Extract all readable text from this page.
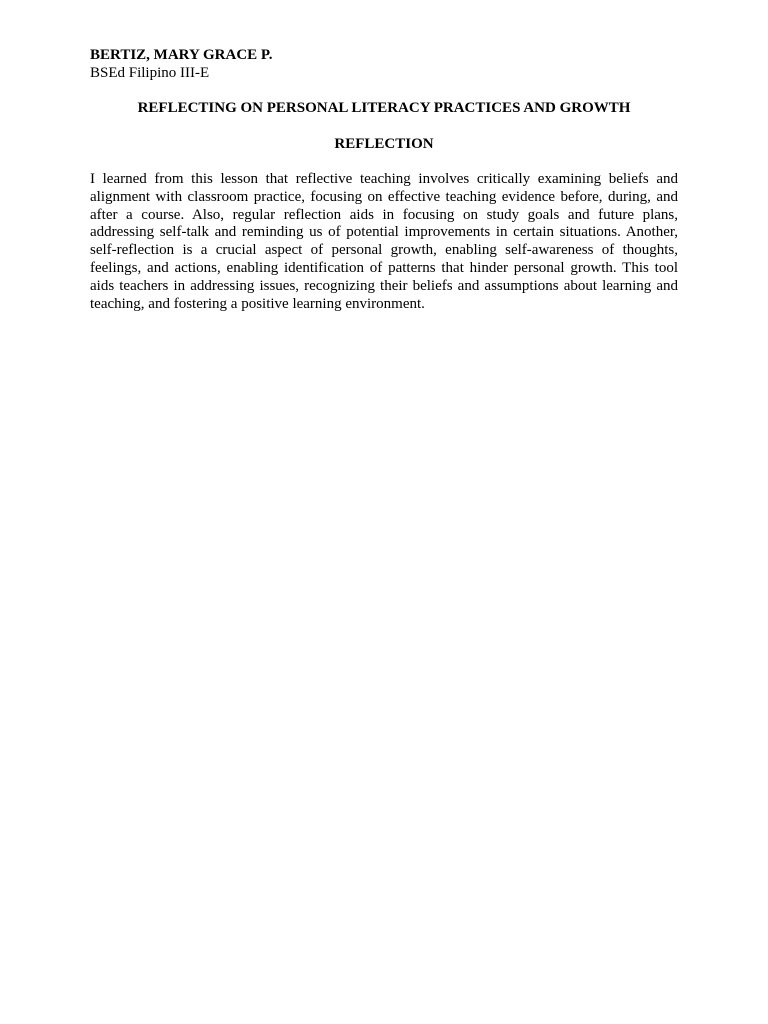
BERTIZ, MARY GRACE P.

BSEd Filipino III-E

REFLECTING ON PERSONAL LITERACY PRACTICES AND GROWTH

REFLECTION

I learned from this lesson that reflective teaching involves critically examining beliefs and alignment with classroom practice, focusing on effective teaching evidence before, during, and after a course. Also, regular reflection aids in focusing on study goals and future plans, addressing self-talk and reminding us of potential improvements in certain situations. Another, self-reflection is a crucial aspect of personal growth, enabling self-awareness of thoughts, feelings, and actions, enabling identification of patterns that hinder personal growth. This tool aids teachers in addressing issues, recognizing their beliefs and assumptions about learning and teaching, and fostering a positive learning environment.
